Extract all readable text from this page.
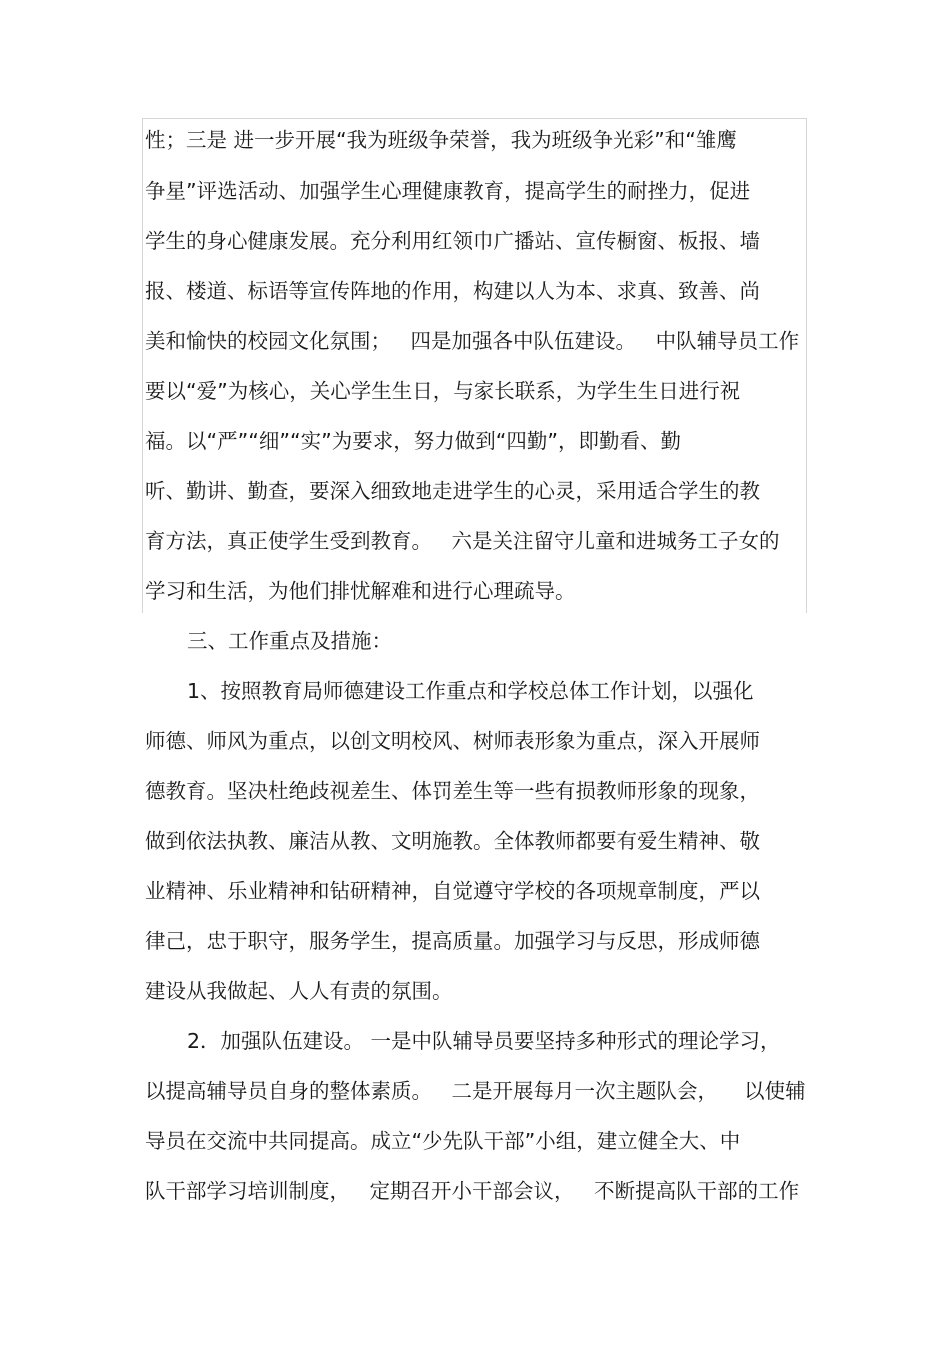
性；三是 进一步开展“我为班级争荣誉，我为班级争光彩”和“雏鹰
争星”评选活动、加强学生心理健康教育，提高学生的耐挫力，促进
学生的身心健康发展。充分利用红领巾广播站、宣传橱窗、板报、墙
报、楼道、标语等宣传阵地的作用，构建以人为本、求真、致善、尚
美和愉快的校园文化氛围；   四是加强各中队伍建设。   中队辅导员工作
要以“爱”为核心，关心学生生日，与家长联系，为学生生日进行祝
福。以“严”“细”“实”为要求，努力做到“四勤”，即勤看、勤
听、勤讲、勤查，要深入细致地走进学生的心灵，采用适合学生的教
育方法，真正使学生受到教育。   六是关注留守儿童和进城务工子女的
学习和生活，为他们排忧解难和进行心理疏导。
三、工作重点及措施：
1、按照教育局师德建设工作重点和学校总体工作计划，以强化
师德、师风为重点，以创文明校风、树师表形象为重点，深入开展师
德教育。坚决杜绝歧视差生、体罚差生等一些有损教师形象的现象，
做到依法执教、廉洁从教、文明施教。全体教师都要有爱生精神、敬
业精神、乐业精神和钻研精神，自觉遵守学校的各项规章制度，严以
律己，忠于职守，服务学生，提高质量。加强学习与反思，形成师德
建设从我做起、人人有责的氛围。
2．加强队伍建设。 一是中队辅导员要坚持多种形式的理论学习，
以提高辅导员自身的整体素质。   二是开展每月一次主题队会，    以使辅
导员在交流中共同提高。成立“少先队干部”小组，建立健全大、中
队干部学习培训制度，   定期召开小干部会议，   不断提高队干部的工作
